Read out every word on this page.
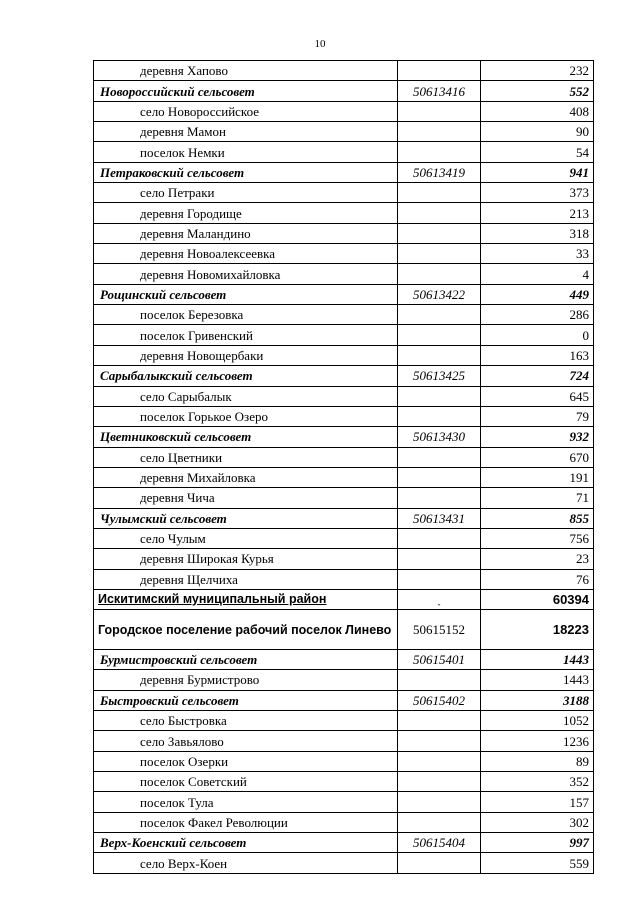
10
деревня Хапово		232
Новороссийский сельсовет	50613416	552
село Новороссийское		408
деревня Мамон		90
поселок Немки		54
Петраковский сельсовет	50613419	941
село Петраки		373
деревня Городище		213
деревня Маландино		318
деревня Новоалексеевка		33
деревня Новомихайловка		4
Рощинский сельсовет	50613422	449
поселок Березовка		286
поселок Гривенский		0
деревня Новощербаки		163
Сарыбалыкский сельсовет	50613425	724
село Сарыбалык		645
поселок Горькое Озеро		79
Цветниковский сельсовет	50613430	932
село Цветники		670
деревня Михайловка		191
деревня Чича		71
Чулымский сельсовет	50613431	855
село Чулым		756
деревня Широкая Курья		23
деревня Щелчиха		76
Искитимский муниципальный район	-	60394
Городское поселение рабочий поселок Линево	50615152	18223
Бурмистровский сельсовет	50615401	1443
деревня Бурмистрово		1443
Быстровский сельсовет	50615402	3188
село Быстровка		1052
село Завьялово		1236
поселок Озерки		89
поселок Советский		352
поселок Тула		157
поселок Факел Революции		302
Верх-Коенский сельсовет	50615404	997
село Верх-Коен		559
